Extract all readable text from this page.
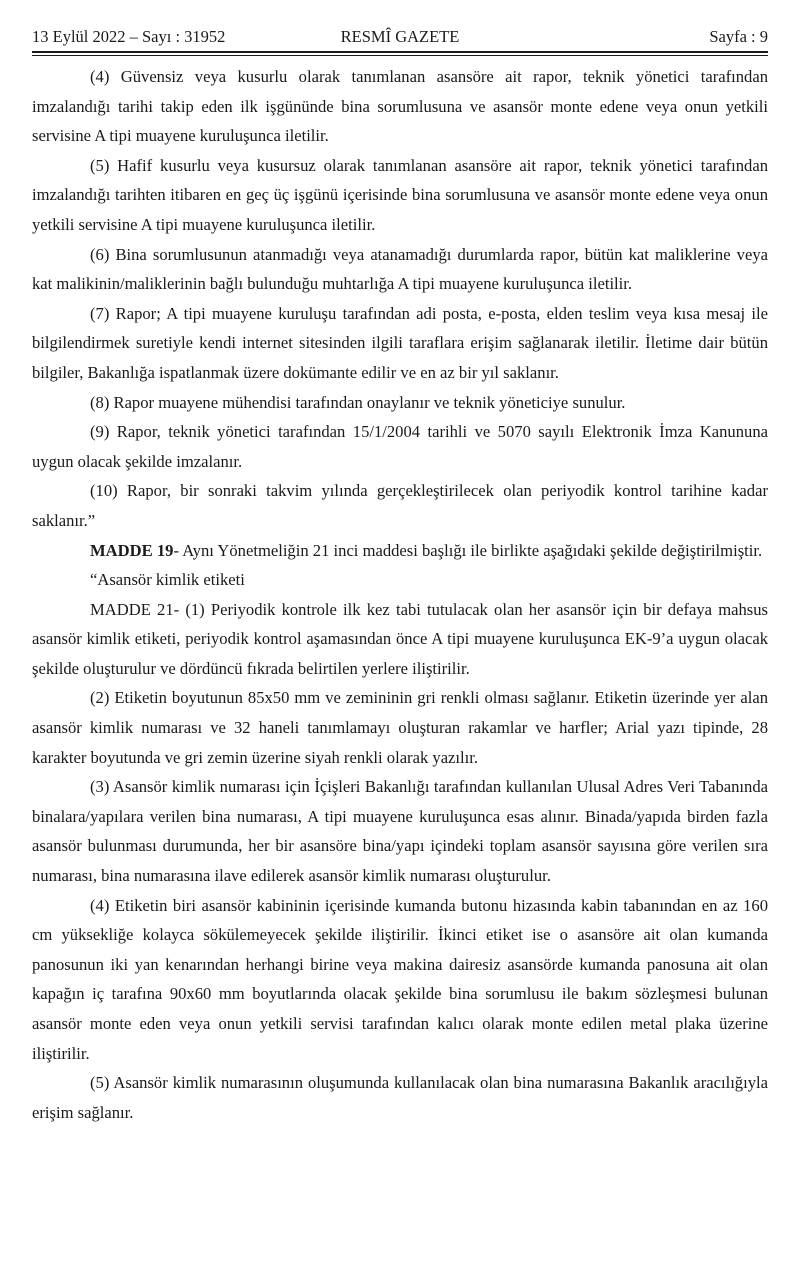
13 Eylül 2022 – Sayı : 31952	RESMÎ GAZETE	Sayfa : 9

(4) Güvensiz veya kusurlu olarak tanımlanan asansöre ait rapor, teknik yönetici tarafından imzalandığı tarihi takip eden ilk işgününde bina sorumlusuna ve asansör monte edene veya onun yetkili servisine A tipi muayene kuruluşunca iletilir.

(5) Hafif kusurlu veya kusursuz olarak tanımlanan asansöre ait rapor, teknik yönetici tarafından imzalandığı tarihten itibaren en geç üç işgünü içerisinde bina sorumlusuna ve asansör monte edene veya onun yetkili servisine A tipi muayene kuruluşunca iletilir.

(6) Bina sorumlusunun atanmadığı veya atanamadığı durumlarda rapor, bütün kat maliklerine veya kat malikinin/maliklerinin bağlı bulunduğu muhtarlığa A tipi muayene kuruluşunca iletilir.

(7) Rapor; A tipi muayene kuruluşu tarafından adi posta, e-posta, elden teslim veya kısa mesaj ile bilgilendirmek suretiyle kendi internet sitesinden ilgili taraflara erişim sağlanarak iletilir. İletime dair bütün bilgiler, Bakanlığa ispatlanmak üzere dokümante edilir ve en az bir yıl saklanır.

(8) Rapor muayene mühendisi tarafından onaylanır ve teknik yöneticiye sunulur.

(9) Rapor, teknik yönetici tarafından 15/1/2004 tarihli ve 5070 sayılı Elektronik İmza Kanununa uygun olacak şekilde imzalanır.

(10) Rapor, bir sonraki takvim yılında gerçekleştirilecek olan periyodik kontrol tarihine kadar saklanır.”

MADDE 19- Aynı Yönetmeliğin 21 inci maddesi başlığı ile birlikte aşağıdaki şekilde değiştirilmiştir.

“Asansör kimlik etiketi

MADDE 21- (1) Periyodik kontrole ilk kez tabi tutulacak olan her asansör için bir defaya mahsus asansör kimlik etiketi, periyodik kontrol aşamasından önce A tipi muayene kuruluşunca EK-9’a uygun olacak şekilde oluşturulur ve dördüncü fıkrada belirtilen yerlere iliştirilir.

(2) Etiketin boyutunun 85x50 mm ve zemininin gri renkli olması sağlanır. Etiketin üzerinde yer alan asansör kimlik numarası ve 32 haneli tanımlamayı oluşturan rakamlar ve harfler; Arial yazı tipinde, 28 karakter boyutunda ve gri zemin üzerine siyah renkli olarak yazılır.

(3) Asansör kimlik numarası için İçişleri Bakanlığı tarafından kullanılan Ulusal Adres Veri Tabanında binalara/yapılara verilen bina numarası, A tipi muayene kuruluşunca esas alınır. Binada/yapıda birden fazla asansör bulunması durumunda, her bir asansöre bina/yapı içindeki toplam asansör sayısına göre verilen sıra numarası, bina numarasına ilave edilerek asansör kimlik numarası oluşturulur.

(4) Etiketin biri asansör kabininin içerisinde kumanda butonu hizasında kabin tabanından en az 160 cm yüksekliğe kolayca sökülemeyecek şekilde iliştirilir. İkinci etiket ise o asansöre ait olan kumanda panosunun iki yan kenarından herhangi birine veya makina dairesiz asansörde kumanda panosuna ait olan kapağın iç tarafına 90x60 mm boyutlarında olacak şekilde bina sorumlusu ile bakım sözleşmesi bulunan asansör monte eden veya onun yetkili servisi tarafından kalıcı olarak monte edilen metal plaka üzerine iliştirilir.

(5) Asansör kimlik numarasının oluşumunda kullanılacak olan bina numarasına Bakanlık aracılığıyla erişim sağlanır.
